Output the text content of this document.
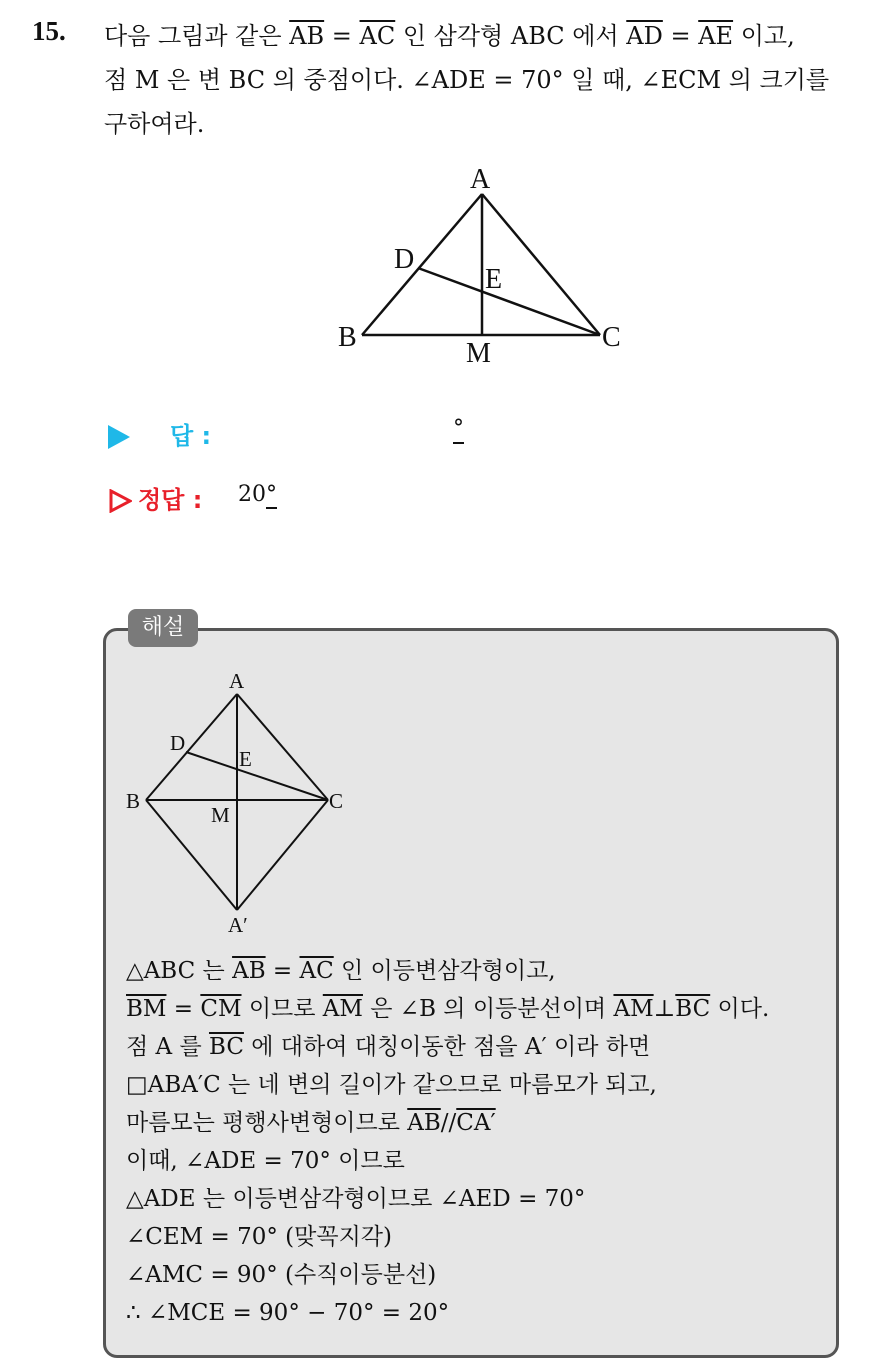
15. 다음 그림과 같은 $\overline{AB} = \overline{AC}$ 인 삼각형 ABC 에서 $\overline{AD} = \overline{AE}$ 이고,
점 M 은 변 BC 의 중점이다. ∠ADE = 70° 일 때, ∠ECM 의 크기를
구하여라.
A
B	C
D
E
M
답 :	°
정답 : 20°
해설
A
B	C
D
E
M
A′
△ABC 는 $\overline{AB} = \overline{AC}$ 인 이등변삼각형이고,
$\overline{BM} = \overline{CM}$ 이므로 $\overline{AM}$ 은 ∠B 의 이등분선이며 $\overline{AM}\perp\overline{BC}$ 이다.
점 A 를 $\overline{BC}$ 에 대하여 대칭이동한 점을 A′ 이라 하면
□ABA′C 는 네 변의 길이가 같으므로 마름모가 되고,
마름모는 평행사변형이므로 $\overline{AB}//CA'$
이때, ∠ADE = 70° 이므로
△ADE 는 이등변삼각형이므로 ∠AED = 70°
∠CEM = 70° (맞꼭지각)
∠AMC = 90° (수직이등분선)
∴ ∠MCE = 90° − 70° = 20°
